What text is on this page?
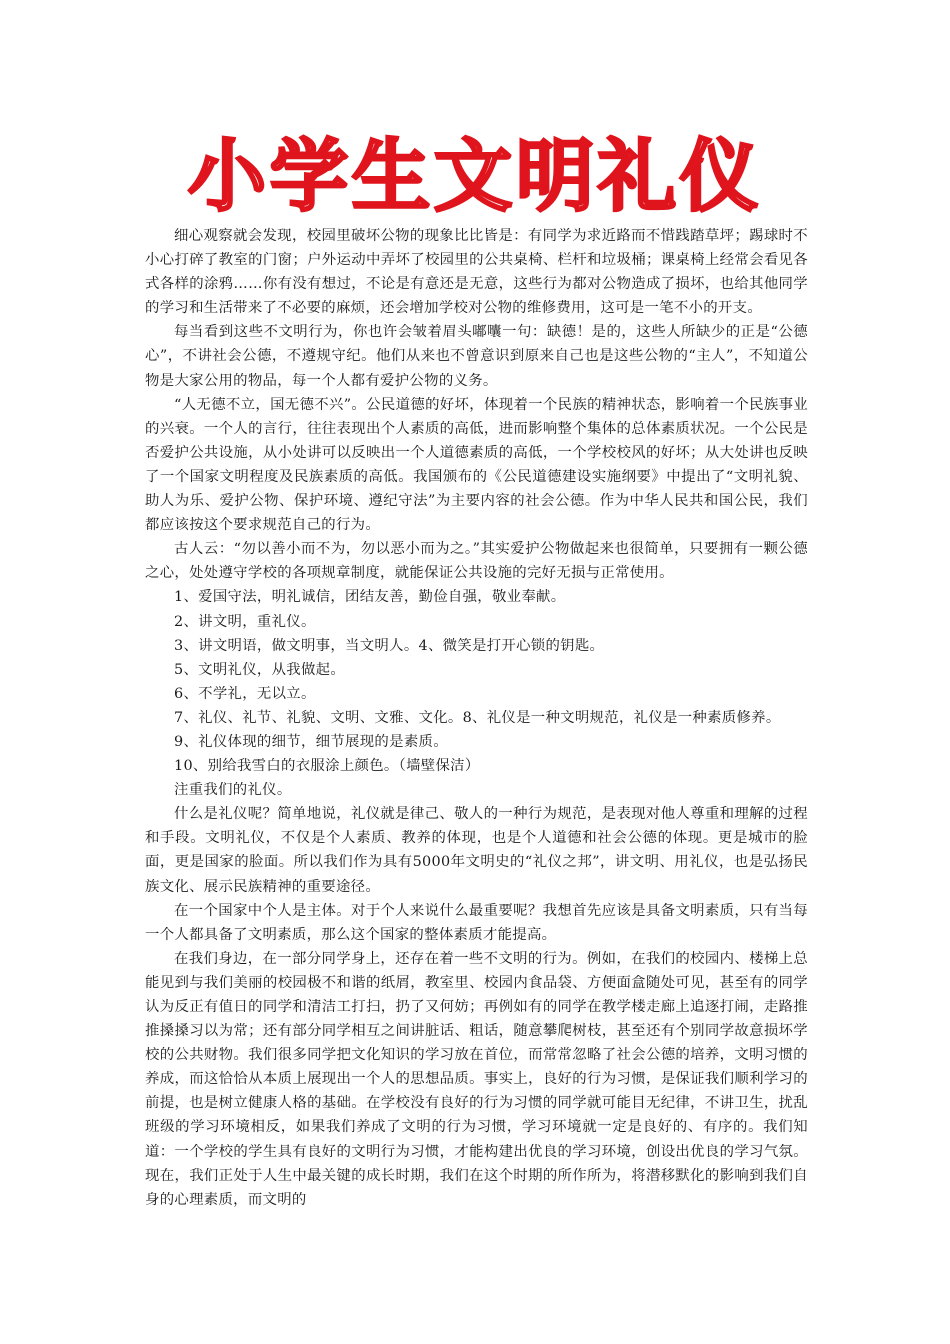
小学生文明礼仪

细心观察就会发现，校园里破坏公物的现象比比皆是：有同学为求近路而不惜践踏草坪；踢球时不小心打碎了教室的门窗；户外运动中弄坏了校园里的公共桌椅、栏杆和垃圾桶；课桌椅上经常会看见各式各样的涂鸦……你有没有想过，不论是有意还是无意，这些行为都对公物造成了损坏，也给其他同学的学习和生活带来了不必要的麻烦，还会增加学校对公物的维修费用，这可是一笔不小的开支。

每当看到这些不文明行为，你也许会皱着眉头嘟囔一句：缺德！是的，这些人所缺少的正是“公德心”，不讲社会公德，不遵规守纪。他们从来也不曾意识到原来自己也是这些公物的“主人”，不知道公物是大家公用的物品，每一个人都有爱护公物的义务。

“人无德不立，国无德不兴”。公民道德的好坏，体现着一个民族的精神状态，影响着一个民族事业的兴衰。一个人的言行，往往表现出个人素质的高低，进而影响整个集体的总体素质状况。一个公民是否爱护公共设施，从小处讲可以反映出一个人道德素质的高低，一个学校校风的好坏；从大处讲也反映了一个国家文明程度及民族素质的高低。我国颁布的《公民道德建设实施纲要》中提出了“文明礼貌、助人为乐、爱护公物、保护环境、遵纪守法”为主要内容的社会公德。作为中华人民共和国公民，我们都应该按这个要求规范自己的行为。

古人云：“勿以善小而不为，勿以恶小而为之。”其实爱护公物做起来也很简单，只要拥有一颗公德之心，处处遵守学校的各项规章制度，就能保证公共设施的完好无损与正常使用。

1、爱国守法，明礼诚信，团结友善，勤俭自强，敬业奉献。

2、讲文明，重礼仪。

3、讲文明语，做文明事，当文明人。4、微笑是打开心锁的钥匙。

5、文明礼仪，从我做起。

6、不学礼，无以立。

7、礼仪、礼节、礼貌、文明、文雅、文化。8、礼仪是一种文明规范，礼仪是一种素质修养。

9、礼仪体现的细节，细节展现的是素质。

10、别给我雪白的衣服涂上颜色。（墙壁保洁）

注重我们的礼仪。

什么是礼仪呢？简单地说，礼仪就是律己、敬人的一种行为规范，是表现对他人尊重和理解的过程和手段。文明礼仪，不仅是个人素质、教养的体现，也是个人道德和社会公德的体现。更是城市的脸面，更是国家的脸面。所以我们作为具有5000年文明史的“礼仪之邦”，讲文明、用礼仪，也是弘扬民族文化、展示民族精神的重要途径。

在一个国家中个人是主体。对于个人来说什么最重要呢？我想首先应该是具备文明素质，只有当每一个人都具备了文明素质，那么这个国家的整体素质才能提高。

在我们身边，在一部分同学身上，还存在着一些不文明的行为。例如，在我们的校园内、楼梯上总能见到与我们美丽的校园极不和谐的纸屑，教室里、校园内食品袋、方便面盒随处可见，甚至有的同学认为反正有值日的同学和清洁工打扫，扔了又何妨；再例如有的同学在教学楼走廊上追逐打闹，走路推推搡搡习以为常；还有部分同学相互之间讲脏话、粗话，随意攀爬树枝，甚至还有个别同学故意损坏学校的公共财物。我们很多同学把文化知识的学习放在首位，而常常忽略了社会公德的培养，文明习惯的养成，而这恰恰从本质上展现出一个人的思想品质。事实上，良好的行为习惯，是保证我们顺利学习的前提，也是树立健康人格的基础。在学校没有良好的行为习惯的同学就可能目无纪律，不讲卫生，扰乱班级的学习环境相反，如果我们养成了文明的行为习惯，学习环境就一定是良好的、有序的。我们知道：一个学校的学生具有良好的文明行为习惯，才能构建出优良的学习环境，创设出优良的学习气氛。现在，我们正处于人生中最关键的成长时期，我们在这个时期的所作所为，将潜移默化的影响到我们自身的心理素质，而文明的
